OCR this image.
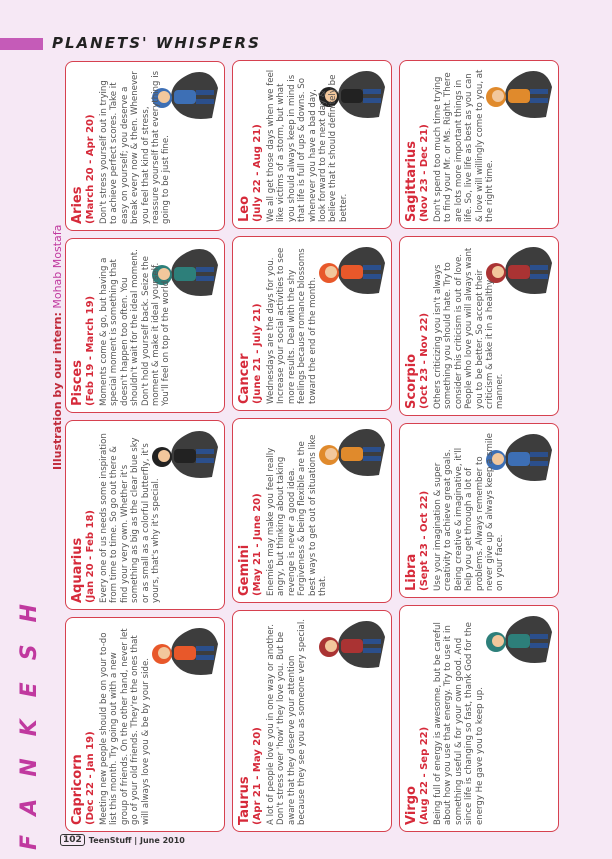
PLANETS' WHISPERS
FANKESH
Illustration by our intern: Mohab Mostafa
Capricorn (Dec 22 - Jan 19) Meeting new people should be on your to-do list this month. Try going out with a new group of friends. On the other hand, never let go of your old friends. They're the ones that will always love you & be by your side.
Aquarius (Jan 20 - Feb 18) Every one of us needs some inspiration from time to time. So go out there & find your very own. Whether it's something as big as the clear blue sky or as small as a colorful butterfly, it's yours, that's why it's special.
Pisces (Feb 19 - March 19) Moments come & go, but having a special moment is something that doesn't happen too often. You shouldn't wait for the ideal moment. Don't hold yourself back. Seize the moment & make it ideal yourself. You'll feel on top of the world.
Aries (March 20 - Apr 20) Don't stress yourself out in trying to achieve perfect scores. Take it easy on yourself; you deserve a break every now & then. Whenever you feel that kind of stress, reassure yourself that everything is going to be just fine.
Taurus (Apr 21 - May 20) A lot of people love you in one way or another. Don't stress over 'how' they love you. But be aware that they deserve your attention because they see you as someone very special.
Gemini (May 21 - June 20) Enemies may make you feel really angry, but thinking about taking revenge is never a good idea. Forgiveness & being flexible are the best ways to get out of situations like that.
Cancer (June 21 - July 21) Wednesdays are the days for you. Increase your social activities to see more results. Deal with the shy feelings because romance blossoms toward the end of the month.
Leo (July 22 - Aug 21) We all get those days when we feel like victims of a storm, but what you should always keep in mind is that life is full of ups & downs. So whenever you have a bad day, look forward to the next day & believe that it should definitely be better.
Virgo (Aug 22 - Sep 22) Being full of energy is awesome, but be careful about how you use that energy. Try to use it in something useful & for your own good. And since life is changing so fast, thank God for the energy He gave you to keep up.
Libra (Sept 23 - Oct 22) Use your imagination & super creativity to achieve great goals. Being creative & imaginative, it'll help you get through a lot of problems. Always remember to never give up & always keep a smile on your face.
Scorpio (Oct 23 - Nov 22) Others criticizing you isn't always something you should hate. Try to consider this criticism is out of love. People who love you will always want you to be better. So accept their criticism & take it in a healthy manner.
Sagittarius (Nov 23 - Dec 21) Don't spend too much time trying to find your Mr. or Ms. Right. There are lots more important things in life. So, live life as best as you can & love will willingly come to you, at the right time.
102 TeenStuff | June 2010
